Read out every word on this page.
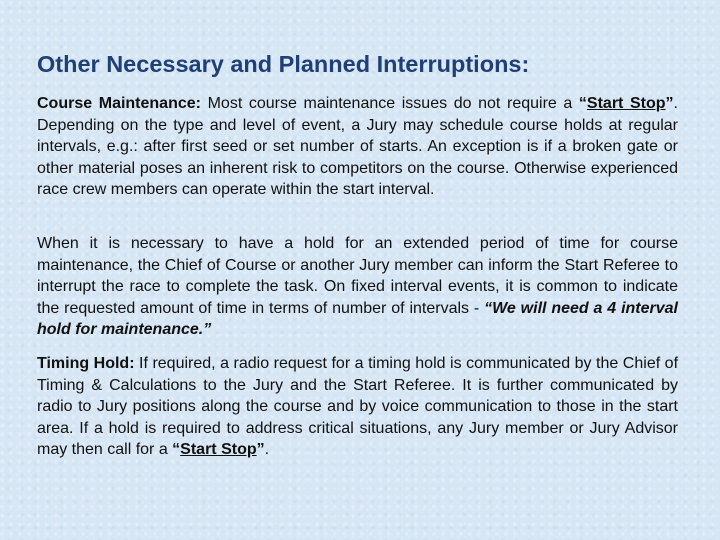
Other Necessary and Planned Interruptions:

Course Maintenance: Most course maintenance issues do not require a “Start Stop”. Depending on the type and level of event, a Jury may schedule course holds at regular intervals, e.g.: after first seed or set number of starts. An exception is if a broken gate or other material poses an inherent risk to competitors on the course. Otherwise experienced race crew members can operate within the start interval.

When it is necessary to have a hold for an extended period of time for course maintenance, the Chief of Course or another Jury member can inform the Start Referee to interrupt the race to complete the task. On fixed interval events, it is common to indicate the requested amount of time in terms of number of intervals - “We will need a 4 interval hold for maintenance.”

Timing Hold: If required, a radio request for a timing hold is communicated by the Chief of Timing & Calculations to the Jury and the Start Referee. It is further communicated by radio to Jury positions along the course and by voice communication to those in the start area. If a hold is required to address critical situations, any Jury member or Jury Advisor may then call for a “Start Stop”.
